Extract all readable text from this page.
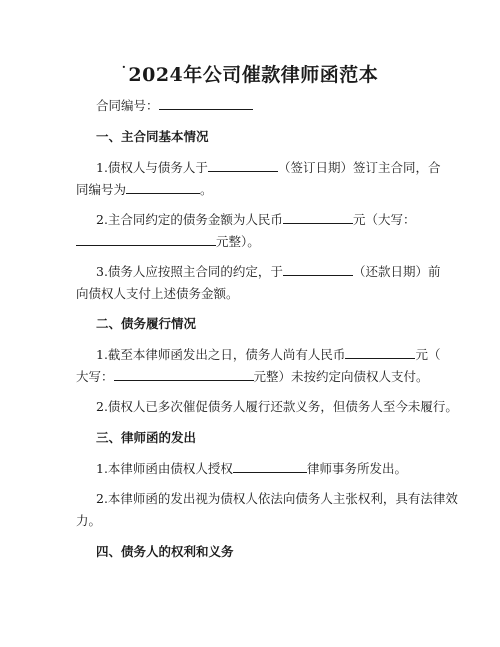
· 2024年公司催款律师函范本
合同编号：
一、主合同基本情况
1.债权人与债务人于	（签订日期）签订主合同，合
同编号为	。
2.主合同约定的债务金额为人民币	元（大写：
元整）。
3.债务人应按照主合同的约定，于	（还款日期）前
向债权人支付上述债务金额。
二、债务履行情况
1.截至本律师函发出之日，债务人尚有人民币	元（
大写：	元整）未按约定向债权人支付。
2.债权人已多次催促债务人履行还款义务，但债务人至今未履行。
三、律师函的发出
1.本律师函由债权人授权	律师事务所发出。
2.本律师函的发出视为债权人依法向债务人主张权利，具有法律效
力。
四、债务人的权利和义务
